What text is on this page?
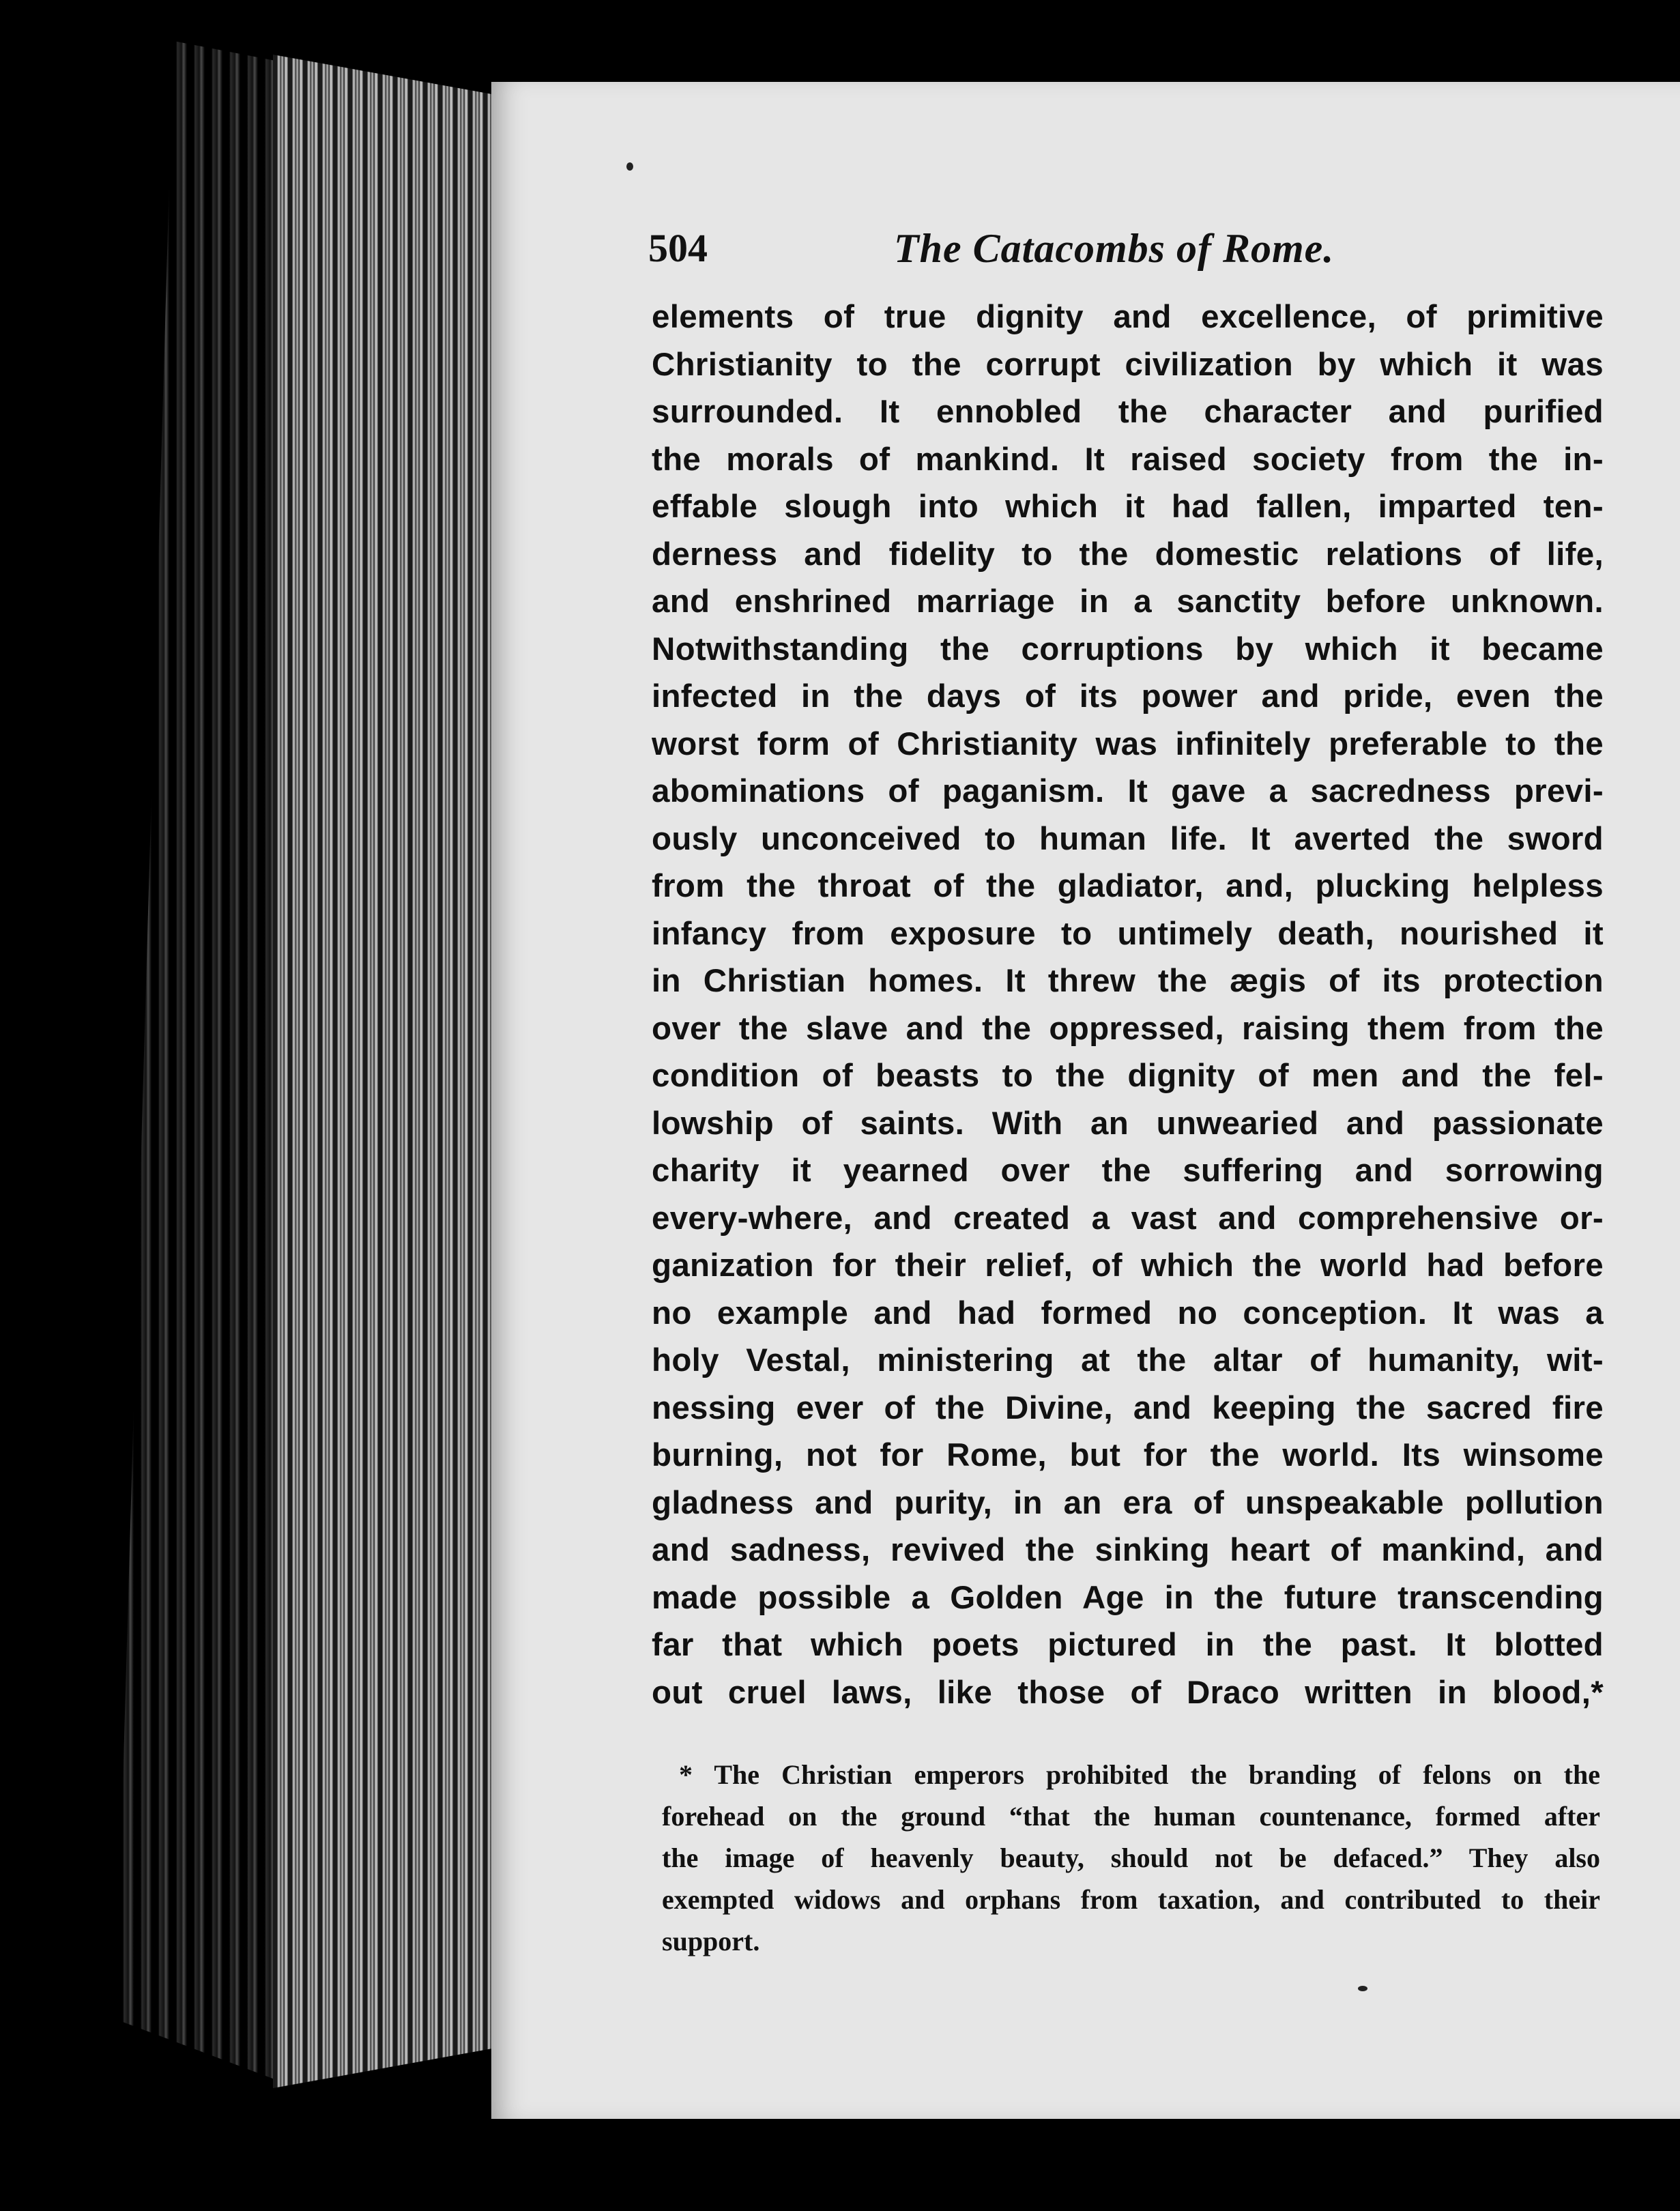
504	The Catacombs of Rome.
elements of true dignity and excellence, of primitive
Christianity to the corrupt civilization by which it was
surrounded. It ennobled the character and purified
the morals of mankind. It raised society from the in-
effable slough into which it had fallen, imparted ten-
derness and fidelity to the domestic relations of life,
and enshrined marriage in a sanctity before unknown.
Notwithstanding the corruptions by which it became
infected in the days of its power and pride, even the
worst form of Christianity was infinitely preferable to the
abominations of paganism. It gave a sacredness previ-
ously unconceived to human life. It averted the sword
from the throat of the gladiator, and, plucking helpless
infancy from exposure to untimely death, nourished it
in Christian homes. It threw the ægis of its protection
over the slave and the oppressed, raising them from the
condition of beasts to the dignity of men and the fel-
lowship of saints. With an unwearied and passionate
charity it yearned over the suffering and sorrowing
every-where, and created a vast and comprehensive or-
ganization for their relief, of which the world had before
no example and had formed no conception. It was a
holy Vestal, ministering at the altar of humanity, wit-
nessing ever of the Divine, and keeping the sacred fire
burning, not for Rome, but for the world. Its winsome
gladness and purity, in an era of unspeakable pollution
and sadness, revived the sinking heart of mankind, and
made possible a Golden Age in the future transcending
far that which poets pictured in the past. It blotted
out cruel laws, like those of Draco written in blood,*
* The Christian emperors prohibited the branding of felons on the
forehead on the ground “that the human countenance, formed after
the image of heavenly beauty, should not be defaced.” They also
exempted widows and orphans from taxation, and contributed to their
support.
